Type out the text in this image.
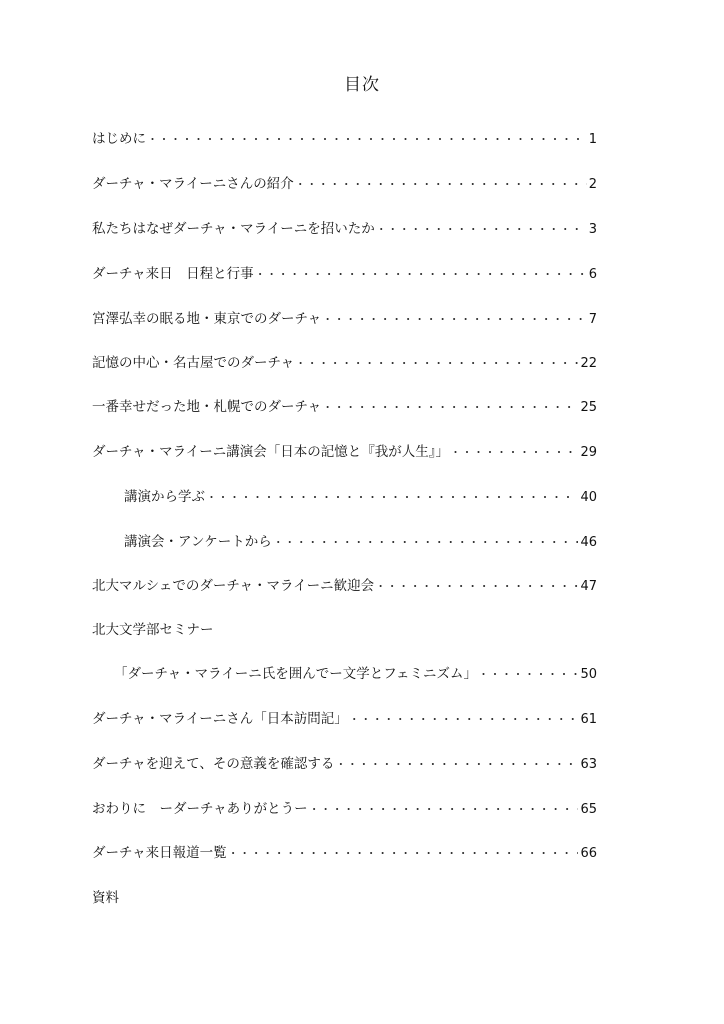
目次
はじめに ・・・・・・・・・・・・・・・・・・・・・・・・・・・・・・・・・・・・・・・・・・・・・・・・・・・・・・・・・・・・・・・・・・・・・・・・・・・・	1
ダーチャ・マライーニさんの紹介 ・・・・・・・・・・・・・・・・・・・・・・・・・・・・・・・・・・・・・・・・・・・・・・・・・・・・・・・・・・・・・・・・・・・・・・・・・・・・	2
私たちはなぜダーチャ・マライーニを招いたか ・・・・・・・・・・・・・・・・・・・・・・・・・・・・・・・・・・・・・・・・・・・・・・・・・・・・・・・・・・・・・・・・・・・・・・・・・・・・	3
ダーチャ来日　日程と行事 ・・・・・・・・・・・・・・・・・・・・・・・・・・・・・・・・・・・・・・・・・・・・・・・・・・・・・・・・・・・・・・・・・・・・・・・・・・・・	6
宮澤弘幸の眠る地・東京でのダーチャ ・・・・・・・・・・・・・・・・・・・・・・・・・・・・・・・・・・・・・・・・・・・・・・・・・・・・・・・・・・・・・・・・・・・・・・・・・・・・	7
記憶の中心・名古屋でのダーチャ ・・・・・・・・・・・・・・・・・・・・・・・・・・・・・・・・・・・・・・・・・・・・・・・・・・・・・・・・・・・・・・・・・・・・・・・・・・・・	22
一番幸せだった地・札幌でのダーチャ ・・・・・・・・・・・・・・・・・・・・・・・・・・・・・・・・・・・・・・・・・・・・・・・・・・・・・・・・・・・・・・・・・・・・・・・・・・・・	25
ダーチャ・マライーニ講演会「日本の記憶と『我が人生』」 ・・・・・・・・・・・・・・・・・・・・・・・・・・・・・・・・・・・・・・・・・・・・・・・・・・・・・・・・・・・・・・・・・・・・・・・・・・・・	29
講演から学ぶ ・・・・・・・・・・・・・・・・・・・・・・・・・・・・・・・・・・・・・・・・・・・・・・・・・・・・・・・・・・・・・・・・・・・・・・・・・・・・	40
講演会・アンケートから ・・・・・・・・・・・・・・・・・・・・・・・・・・・・・・・・・・・・・・・・・・・・・・・・・・・・・・・・・・・・・・・・・・・・・・・・・・・・	46
北大マルシェでのダーチャ・マライーニ歓迎会 ・・・・・・・・・・・・・・・・・・・・・・・・・・・・・・・・・・・・・・・・・・・・・・・・・・・・・・・・・・・・・・・・・・・・・・・・・・・・	47
北大文学部セミナー
「ダーチャ・マライーニ氏を囲んでー文学とフェミニズム」 ・・・・・・・・・・・・・・・・・・・・・・・・・・・・・・・・・・・・・・・・・・・・・・・・・・・・・・・・・・・・・・・・・・・・・・・・・・・・	50
ダーチャ・マライーニさん「日本訪問記」 ・・・・・・・・・・・・・・・・・・・・・・・・・・・・・・・・・・・・・・・・・・・・・・・・・・・・・・・・・・・・・・・・・・・・・・・・・・・・	61
ダーチャを迎えて、その意義を確認する ・・・・・・・・・・・・・・・・・・・・・・・・・・・・・・・・・・・・・・・・・・・・・・・・・・・・・・・・・・・・・・・・・・・・・・・・・・・・	63
おわりに　ーダーチャありがとうー ・・・・・・・・・・・・・・・・・・・・・・・・・・・・・・・・・・・・・・・・・・・・・・・・・・・・・・・・・・・・・・・・・・・・・・・・・・・・	65
ダーチャ来日報道一覧 ・・・・・・・・・・・・・・・・・・・・・・・・・・・・・・・・・・・・・・・・・・・・・・・・・・・・・・・・・・・・・・・・・・・・・・・・・・・・	66
資料
